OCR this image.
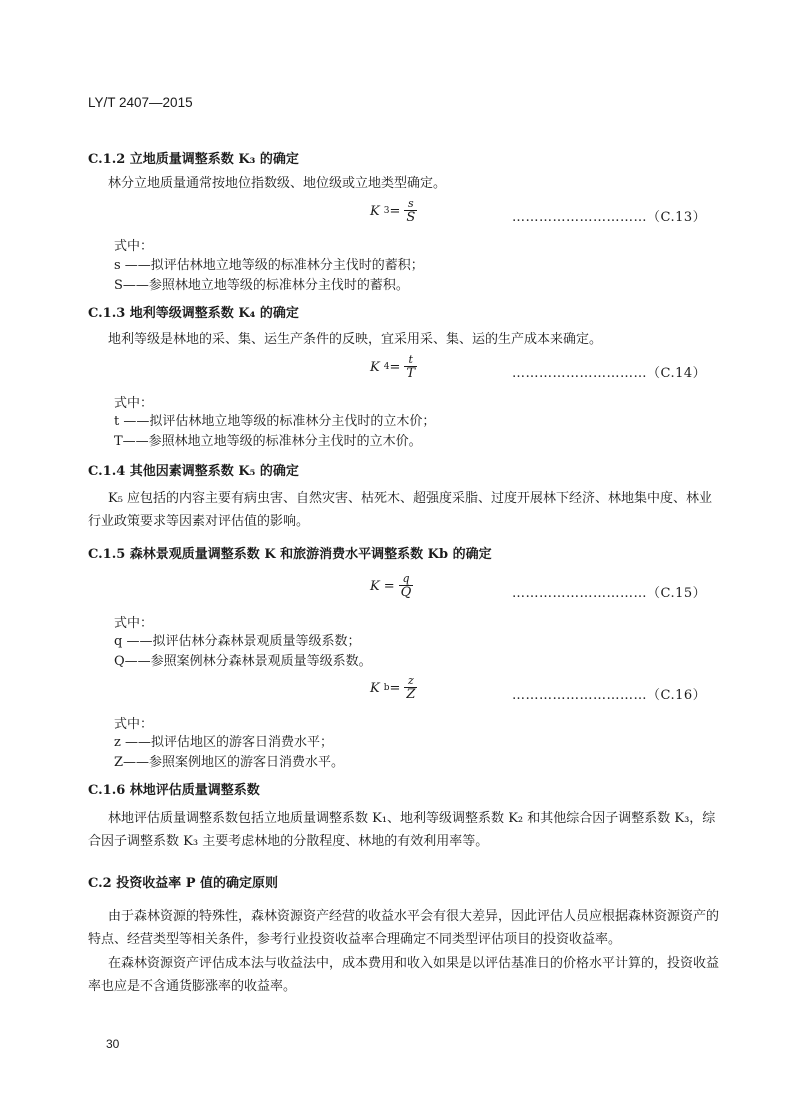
LY/T 2407—2015
C.1.2 立地质量调整系数 K₃ 的确定
林分立地质量通常按地位指数级、地位级或立地类型确定。
K $3 = \frac{s}{S}$	…………………………（C.13）
式中：
s ——拟评估林地立地等级的标准林分主伐时的蓄积；
S——参照林地立地等级的标准林分主伐时的蓄积。
C.1.3 地利等级调整系数 K₄ 的确定
地利等级是林地的采、集、运生产条件的反映，宜采用采、集、运的生产成本来确定。
K $4 = \frac{t}{T}$	…………………………（C.14）
式中：
t ——拟评估林地立地等级的标准林分主伐时的立木价；
T——参照林地立地等级的标准林分主伐时的立木价。
C.1.4 其他因素调整系数 K₅ 的确定
K₅ 应包括的内容主要有病虫害、自然灾害、枯死木、超强度采脂、过度开展林下经济、林地集中度、林业行业政策要求等因素对评估值的影响。
C.1.5 森林景观质量调整系数 K 和旅游消费水平调整系数 Kb 的确定
$K = \frac{q}{Q}$	…………………………（C.15）
式中：
q ——拟评估林分森林景观质量等级系数；
Q——参照案例林分森林景观质量等级系数。
K $b = \frac{z}{Z}$	…………………………（C.16）
式中：
z ——拟评估地区的游客日消费水平；
Z——参照案例地区的游客日消费水平。
C.1.6 林地评估质量调整系数
林地评估质量调整系数包括立地质量调整系数 K₁、地利等级调整系数 K₂ 和其他综合因子调整系数 K₃，综合因子调整系数 K₃ 主要考虑林地的分散程度、林地的有效利用率等。
C.2 投资收益率 P 值的确定原则
由于森林资源的特殊性，森林资源资产经营的收益水平会有很大差异，因此评估人员应根据森林资源资产的特点、经营类型等相关条件，参考行业投资收益率合理确定不同类型评估项目的投资收益率。
在森林资源资产评估成本法与收益法中，成本费用和收入如果是以评估基准日的价格水平计算的，投资收益率也应是不含通货膨涨率的收益率。
30
